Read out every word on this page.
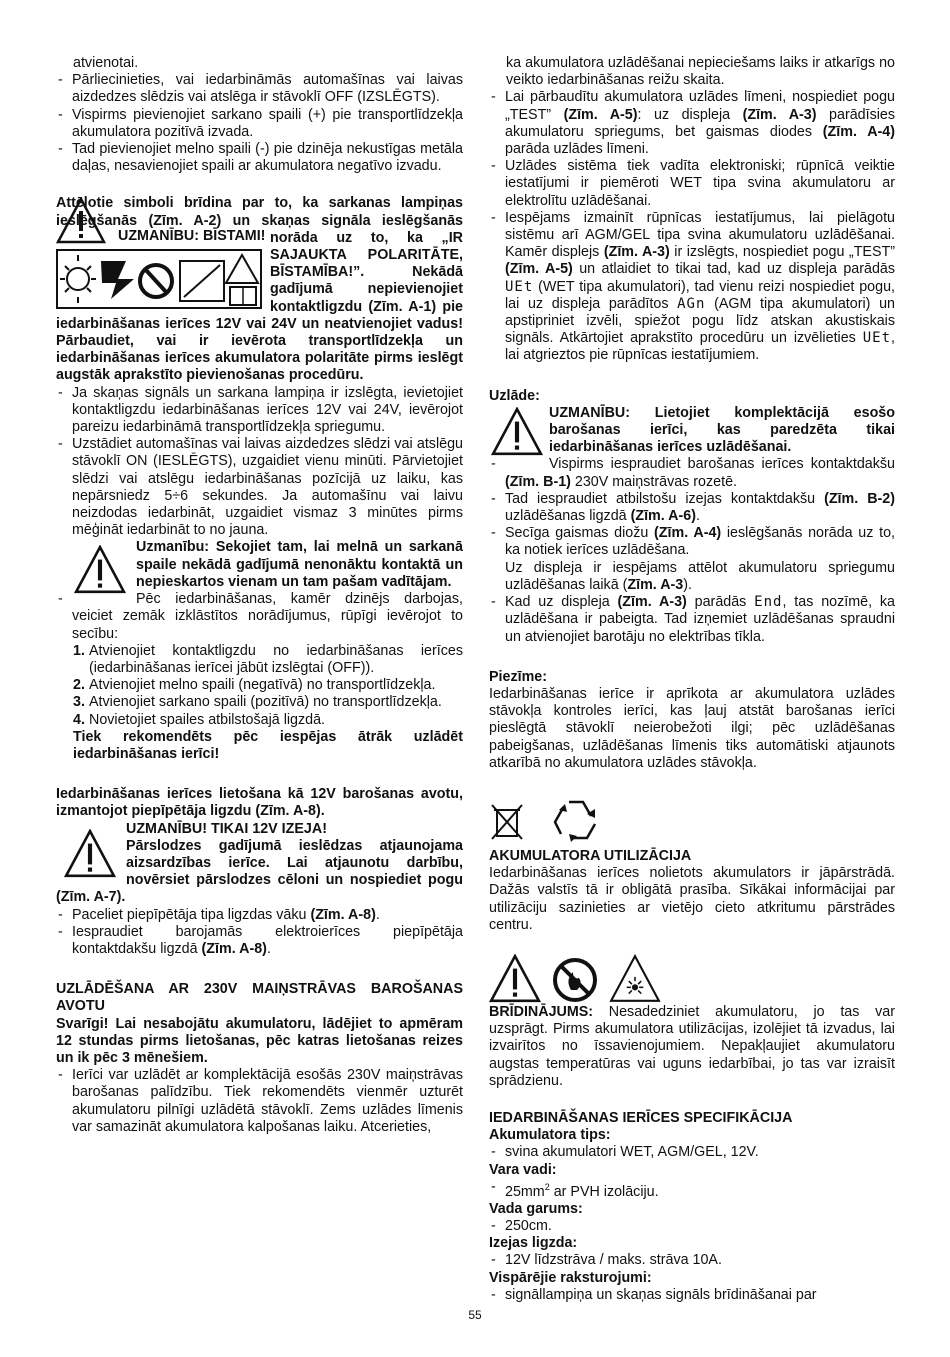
atvienotai.

- Pārliecinieties, vai iedarbināmās automašīnas vai laivas aizdedzes slēdzis vai atslēga ir stāvoklī OFF (IZSLĒGTS).

- Vispirms pievienojiet sarkano spaili (+) pie transportlīdzekļa akumulatora pozitīvā izvada.

- Tad pievienojiet melno spaili (-) pie dzinēja nekustīgas metāla daļas, nesavienojiet spaili ar akumulatora negatīvo izvadu.

UZMANĪBU: BĪSTAMI!

Attēlotie simboli brīdina par to, ka sarkanas lampiņas ieslēgšanās (Zīm. A-2) un skaņas signāla ieslēgšanās norāda uz to, ka „IR SAJAUKTA POLARITĀTE, BĪSTAMĪBA!”. Nekādā gadījumā nepievienojiet kontaktligzdu (Zīm. A-1) pie iedarbināšanas ierīces 12V vai 24V un neatvienojiet vadus! Pārbaudiet, vai ir ievērota transportlīdzekļa un iedarbināšanas ierīces akumulatora polaritāte pirms ieslēgt augstāk aprakstīto pievienošanas procedūru.

- Ja skaņas signāls un sarkana lampiņa ir izslēgta, ievietojiet kontaktligzdu iedarbināšanas ierīces 12V vai 24V, ievērojot pareizu iedarbināmā transportlīdzekļa spriegumu.

- Uzstādiet automašīnas vai laivas aizdedzes slēdzi vai atslēgu stāvoklī ON (IESLĒGTS), uzgaidiet vienu minūti. Pārvietojiet slēdzi vai atslēgu iedarbināšanas pozīcijā uz laiku, kas nepārsniedz 5÷6 sekundes. Ja automašīnu vai laivu neizdodas iedarbināt, uzgaidiet vismaz 3 minūtes pirms mēģināt iedarbināt to no jauna.

Uzmanību: Sekojiet tam, lai melnā un sarkanā spaile nekādā gadījumā nenonāktu kontaktā un nepieskartos vienam un tam pašam vadītājam.

- Pēc iedarbināšanas, kamēr dzinējs darbojas, veiciet zemāk izklāstītos norādījumus, rūpīgi ievērojot to secību:

1. Atvienojiet kontaktligzdu no iedarbināšanas ierīces (iedarbināšanas ierīcei jābūt izslēgtai (OFF)).

2. Atvienojiet melno spaili (negatīvā) no transportlīdzekļa.

3. Atvienojiet sarkano spaili (pozitīvā) no transportlīdzekļa.

4. Novietojiet spailes atbilstošajā ligzdā.

Tiek rekomendēts pēc iespējas ātrāk uzlādēt iedarbināšanas ierīci!

Iedarbināšanas ierīces lietošana kā 12V barošanas avotu, izmantojot piepīpētāja ligzdu (Zīm. A-8).

UZMANĪBU! TIKAI 12V IZEJA!

Pārslodzes gadījumā ieslēdzas atjaunojama aizsardzības ierīce. Lai atjaunotu darbību, novērsiet pārslodzes cēloni un nospiediet pogu (Zīm. A-7).

- Paceliet piepīpētāja tipa ligzdas vāku (Zīm. A-8).

- Iespraudiet barojamās elektroierīces piepīpētāja kontaktdakšu ligzdā (Zīm. A-8).

UZLĀDĒŠANA AR 230V MAIŅSTRĀVAS BAROŠANAS AVOTU

Svarīgi! Lai nesabojātu akumulatoru, lādējiet to apmēram 12 stundas pirms lietošanas, pēc katras lietošanas reizes un ik pēc 3 mēnešiem.

- Ierīci var uzlādēt ar komplektācijā esošās 230V maiņstrāvas barošanas palīdzību. Tiek rekomendēts vienmēr uzturēt akumulatoru pilnīgi uzlādētā stāvoklī. Zems uzlādes līmenis var samazināt akumulatora kalpošanas laiku. Atcerieties,

ka akumulatora uzlādēšanai nepieciešams laiks ir atkarīgs no veikto iedarbināšanas reižu skaita.

- Lai pārbaudītu akumulatora uzlādes līmeni, nospiediet pogu „TEST” (Zīm. A-5): uz displeja (Zīm. A-3) parādīsies akumulatoru spriegums, bet gaismas diodes (Zīm. A-4) parāda uzlādes līmeni.

- Uzlādes sistēma tiek vadīta elektroniski; rūpnīcā veiktie iestatījumi ir piemēroti WET tipa svina akumulatoru ar elektrolītu uzlādēšanai.

- Iespējams izmainīt rūpnīcas iestatījumus, lai pielāgotu sistēmu arī AGM/GEL tipa svina akumulatoru uzlādēšanai. Kamēr displejs (Zīm. A-3) ir izslēgts, nospiediet pogu „TEST” (Zīm. A-5) un atlaidiet to tikai tad, kad uz displeja parādās UEt (WET tipa akumulatori), tad vienu reizi nospiediet pogu, lai uz displeja parādītos AGn (AGM tipa akumulatori) un apstipriniet izvēli, spiežot pogu līdz atskan akustiskais signāls. Atkārtojiet aprakstīto procedūru un izvēlieties UEt, lai atgrieztos pie rūpnīcas iestatījumiem.

Uzlāde:

UZMANĪBU: Lietojiet komplektācijā esošo barošanas ierīci, kas paredzēta tikai iedarbināšanas ierīces uzlādēšanai.

- Vispirms iespraudiet barošanas ierīces kontaktdakšu (Zīm. B-1) 230V maiņstrāvas rozetē.

- Tad iespraudiet atbilstošu izejas kontaktdakšu (Zīm. B-2) uzlādēšanas ligzdā (Zīm. A-6).

- Secīga gaismas diožu (Zīm. A-4) ieslēgšanās norāda uz to, ka notiek ierīces uzlādēšana.

Uz displeja ir iespējams attēlot akumulatoru spriegumu uzlādēšanas laikā (Zīm. A-3).

- Kad uz displeja (Zīm. A-3) parādās End, tas nozīmē, ka uzlādēšana ir pabeigta. Tad izņemiet uzlādēšanas spraudni un atvienojiet barotāju no elektrības tīkla.

Piezīme:

Iedarbināšanas ierīce ir aprīkota ar akumulatora uzlādes stāvokļa kontroles ierīci, kas ļauj atstāt barošanas ierīci pieslēgtā stāvoklī neierobežoti ilgi; pēc uzlādēšanas pabeigšanas, uzlādēšanas līmenis tiks automātiski atjaunots atkarībā no akumulatora uzlādes stāvokļa.

AKUMULATORA UTILIZĀCIJA

Iedarbināšanas ierīces nolietots akumulators ir jāpārstrādā. Dažās valstīs tā ir obligātā prasība. Sīkākai informācijai par utilizāciju sazinieties ar vietējo cieto atkritumu pārstrādes centru.

BRĪDINĀJUMS: Nesadedziniet akumulatoru, jo tas var uzsprāgt. Pirms akumulatora utilizācijas, izolējiet tā izvadus, lai izvairītos no īssavienojumiem. Nepakļaujiet akumulatoru augstas temperatūras vai uguns iedarbībai, jo tas var izraisīt sprādzienu.

IEDARBINĀŠANAS IERĪCES SPECIFIKĀCIJA

Akumulatora tips:

- svina akumulatori WET, AGM/GEL, 12V.

Vara vadi:

- $25mm^2$ ar PVH izolāciju.

Vada garums:

- 250cm.

Izejas ligzda:

- 12V līdzstrāva / maks. strāva 10A.

Vispārējie raksturojumi:

- signāllampiņa un skaņas signāls brīdināšanai par

55
